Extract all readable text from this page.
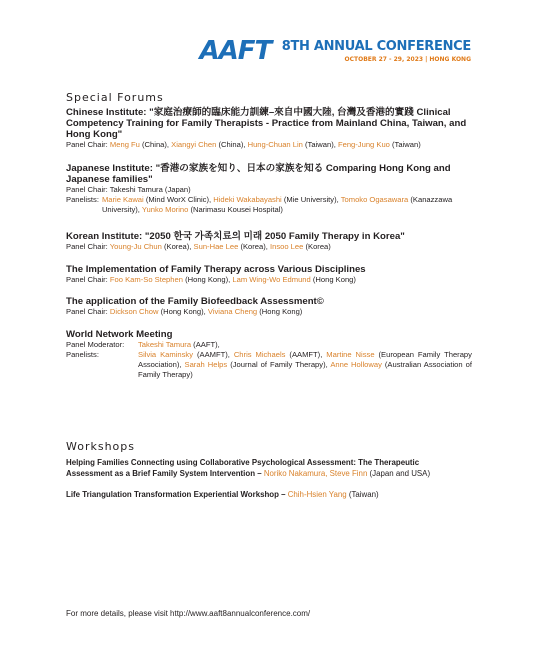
AAFT 8TH ANNUAL CONFERENCE
OCTOBER 27 - 29, 2023 | HONG KONG
Special Forums
Chinese Institute: "家庭治療師的臨床能力訓練–來自中國大陸, 台灣及香港的實踐 Clinical Competency Training for Family Therapists - Practice from Mainland China, Taiwan, and Hong Kong"
Panel Chair: Meng Fu (China), Xiangyi Chen (China), Hung-Chuan Lin (Taiwan), Feng-Jung Kuo (Taiwan)
Japanese Institute: "香港の家族を知り、日本の家族を知る Comparing Hong Kong and Japanese families"
Panel Chair: Takeshi Tamura (Japan)
Panelists: Marie Kawai (Mind WorX Clinic), Hideki Wakabayashi (Mie University), Tomoko Ogasawara (Kanazzawa University), Yunko Morino (Narimasu Kousei Hospital)
Korean Institute: "2050 한국 가족치료의 미래 2050 Family Therapy in Korea"
Panel Chair: Young-Ju Chun (Korea), Sun-Hae Lee (Korea), Insoo Lee (Korea)
The Implementation of Family Therapy across Various Disciplines
Panel Chair: Foo Kam-So Stephen (Hong Kong), Lam Wing-Wo Edmund (Hong Kong)
The application of the Family Biofeedback Assessment©
Panel Chair: Dickson Chow (Hong Kong), Viviana Cheng (Hong Kong)
World Network Meeting
Panel Moderator: Takeshi Tamura (AAFT),
Panelists:	Silvia Kaminsky (AAMFT), Chris Michaels (AAMFT), Martine Nisse (European Family Therapy Association), Sarah Helps (Journal of Family Therapy), Anne Holloway (Australian Association of Family Therapy)
Workshops
Helping Families Connecting using Collaborative Psychological Assessment: The Therapeutic
Assessment as a Brief Family System Intervention – Noriko Nakamura, Steve Finn (Japan and USA)
Life Triangulation Transformation Experiential Workshop – Chih-Hsien Yang (Taiwan)
For more details, please visit http://www.aaft8annualconference.com/
